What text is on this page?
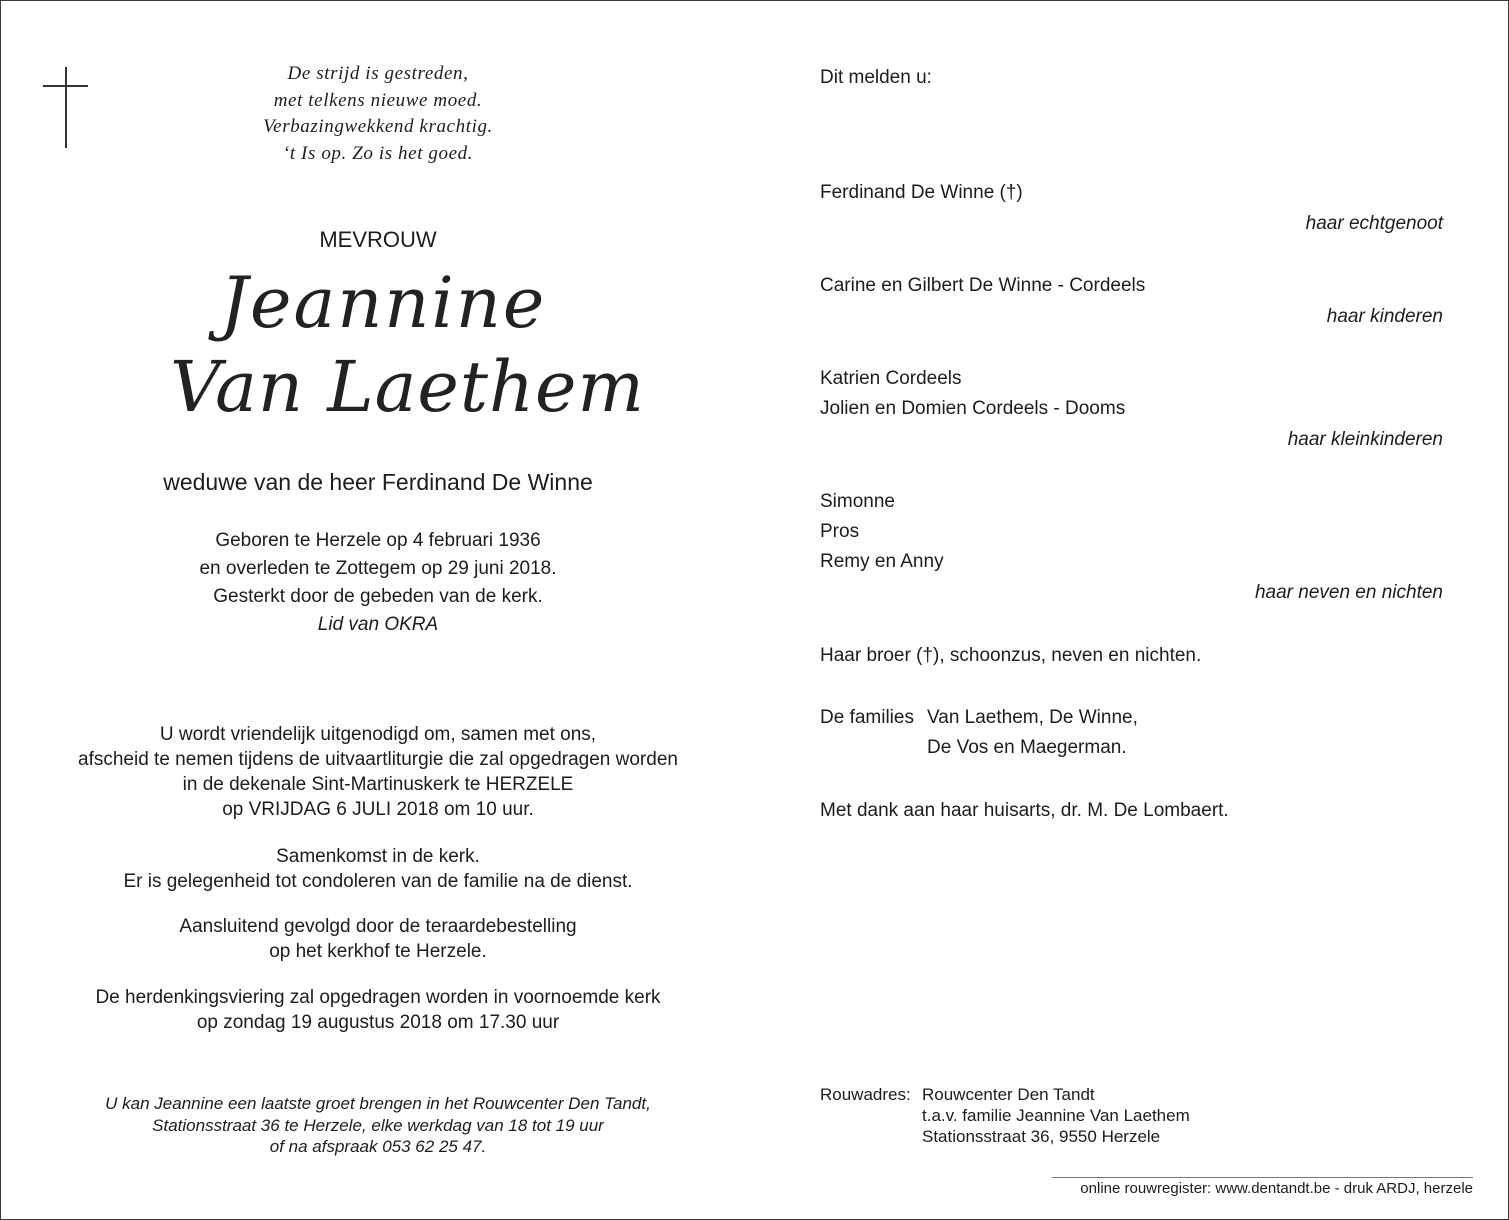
De strijd is gestreden,
met telkens nieuwe moed.
Verbazingwekkend krachtig.
‘t Is op. Zo is het goed.
MEVROUW
Jeannine
Van Laethem
weduwe van de heer Ferdinand De Winne
Geboren te Herzele op 4 februari 1936
en overleden te Zottegem op 29 juni 2018.
Gesterkt door de gebeden van de kerk.
Lid van OKRA
U wordt vriendelijk uitgenodigd om, samen met ons,
afscheid te nemen tijdens de uitvaartliturgie die zal opgedragen worden
in de dekenale Sint-Martinuskerk te HERZELE
op VRIJDAG 6 JULI 2018 om 10 uur.
Samenkomst in de kerk.
Er is gelegenheid tot condoleren van de familie na de dienst.
Aansluitend gevolgd door de teraardebestelling
op het kerkhof te Herzele.
De herdenkingsviering zal opgedragen worden in voornoemde kerk
op zondag 19 augustus 2018 om 17.30 uur
U kan Jeannine een laatste groet brengen in het Rouwcenter Den Tandt,
Stationsstraat 36 te Herzele, elke werkdag van 18 tot 19 uur
of na afspraak 053 62 25 47.
Dit melden u:
Ferdinand De Winne (†)
haar echtgenoot
Carine en Gilbert De Winne - Cordeels
haar kinderen
Katrien Cordeels
Jolien en Domien Cordeels - Dooms
haar kleinkinderen
Simonne
Pros
Remy en Anny
haar neven en nichten
Haar broer (†), schoonzus, neven en nichten.
De families Van Laethem, De Winne,
De Vos en Maegerman.
Met dank aan haar huisarts, dr. M. De Lombaert.
Rouwadres: Rouwcenter Den Tandt
t.a.v. familie Jeannine Van Laethem
Stationsstraat 36, 9550 Herzele
online rouwregister: www.dentandt.be - druk ARDJ, herzele
